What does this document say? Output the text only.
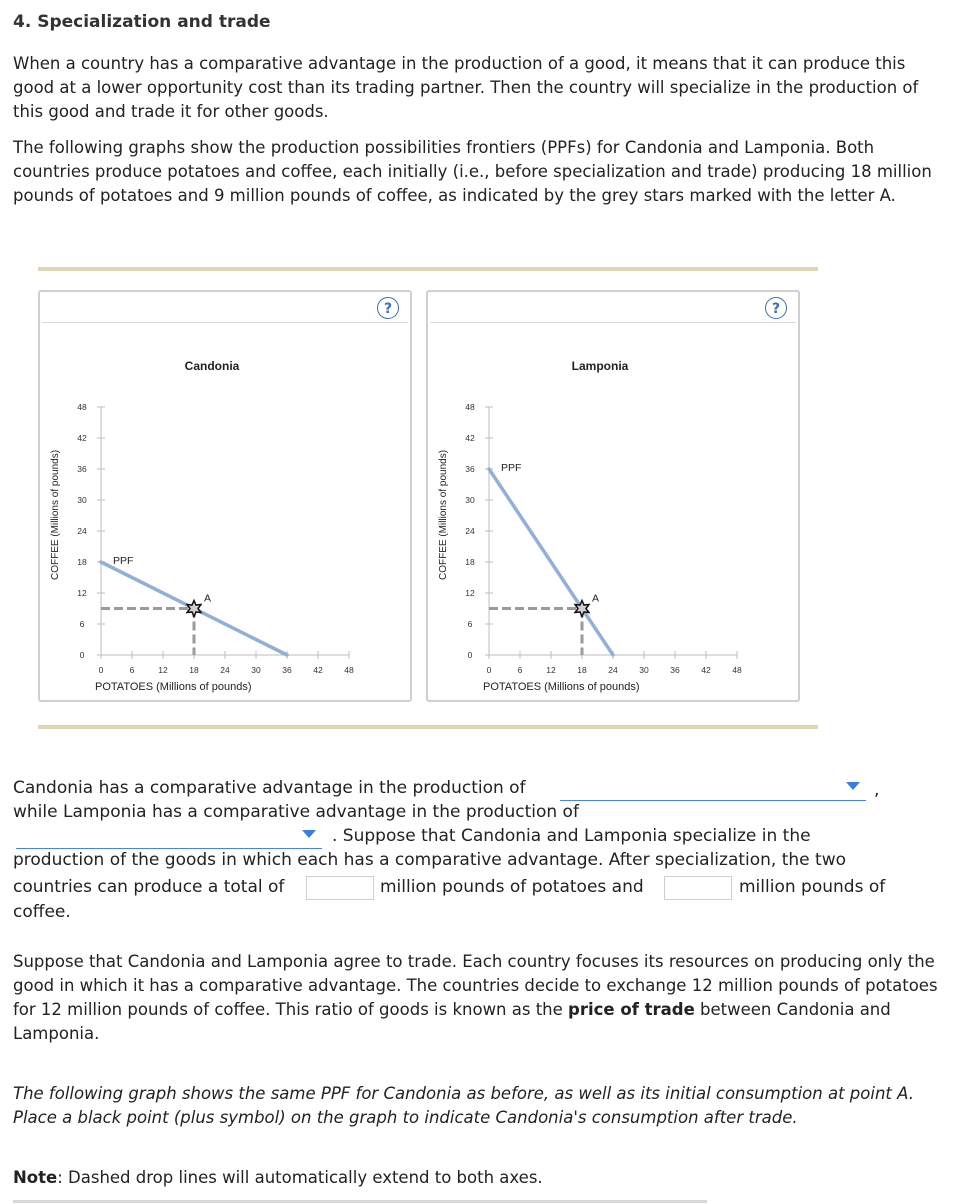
4. Specialization and trade

When a country has a comparative advantage in the production of a good, it means that it can produce this good at a lower opportunity cost than its trading partner. Then the country will specialize in the production of this good and trade it for other goods.

The following graphs show the production possibilities frontiers (PPFs) for Candonia and Lamponia. Both countries produce potatoes and coffee, each initially (i.e., before specialization and trade) producing 18 million pounds of potatoes and 9 million pounds of coffee, as indicated by the grey stars marked with the letter A.

?
Candonia
0
0
6
6
12
12
18
18
24
24
30
30
36
36
42
42
48
48
POTATOES (Millions of pounds)
COFFEE (Millions of pounds)	PPF
A
?
Lamponia
0
0
6
6
12
12
18
18
24
24
30
30
36
36
42
42
48
48
POTATOES (Millions of pounds)
COFFEE (Millions of pounds)	PPF
A
Candonia has a comparative advantage in the production of	,
while Lamponia has a comparative advantage in the production of
. Suppose that Candonia and Lamponia specialize in the
production of the goods in which each has a comparative advantage. After specialization, the two
countries can produce a total of	million pounds of potatoes and	million pounds of
coffee.

Suppose that Candonia and Lamponia agree to trade. Each country focuses its resources on producing only the good in which it has a comparative advantage. The countries decide to exchange 12 million pounds of potatoes for 12 million pounds of coffee. This ratio of goods is known as the price of trade between Candonia and Lamponia.

The following graph shows the same PPF for Candonia as before, as well as its initial consumption at point A. Place a black point (plus symbol) on the graph to indicate Candonia's consumption after trade.

Note: Dashed drop lines will automatically extend to both axes.
